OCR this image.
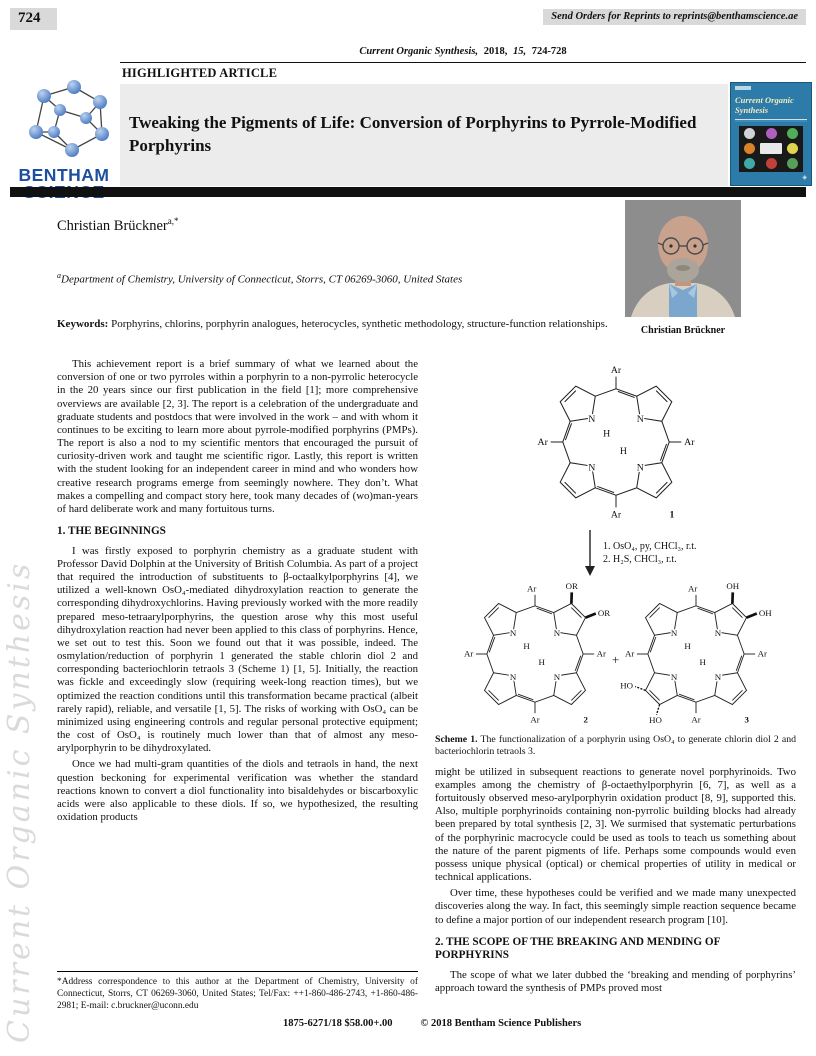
724	Send Orders for Reprints to reprints@benthamscience.ae
Current Organic Synthesis, 2018, 15, 724-728
HIGHLIGHTED ARTICLE
BENTHAM
Tweaking the Pigments of Life: Conversion of Porphyrins to Pyrrole-Modified Porphyrins
Current Organic Synthesis
◈
Christian Brückner$^{a,*}$
$^a$Department of Chemistry, University of Connecticut, Storrs, CT 06269-3060, United States
Keywords: Porphyrins, chlorins, porphyrin analogues, heterocycles, synthetic methodology, structure-function relationships.
Christian Brückner

This achievement report is a brief summary of what we learned about the conversion of one or two pyrroles within a porphyrin to a non-pyrrolic heterocycle in the 20 years since our first publication in the field [1]; more comprehensive overviews are available [2, 3]. The report is a celebration of the undergraduate and graduate students and postdocs that were involved in the work – and with whom it continues to be exciting to learn more about pyrrole-modified porphyrins (PMPs). The report is also a nod to my scientific mentors that encouraged the pursuit of curiosity-driven work and taught me scientific rigor. Lastly, this report is written with the student looking for an independent career in mind and who wonders how creative research programs emerge from seemingly nowhere. They don’t. What makes a compelling and compact story here, took many decades of (wo)man-years of hard deliberate work and many fortuitous turns.

1. THE BEGINNINGS

I was firstly exposed to porphyrin chemistry as a graduate student with Professor David Dolphin at the University of British Columbia. As part of a project that required the introduction of substituents to β-octaalkylporphyrins [4], we utilized a well-known OsO₄-mediated dihydroxylation reaction to generate the corresponding dihydroxychlorins. Having previously worked with the more readily prepared meso-tetraarylporphyrins, the question arose why this most useful dihydroxylation reaction had never been applied to this class of porphyrins. Hence, we set out to test this. Soon we found out that it was possible, indeed. The osmylation/reduction of porphyrin 1 generated the stable chlorin diol 2 and corresponding bacteriochlorin tetraols 3 (Scheme 1) [1, 5]. Initially, the reaction was fickle and exceedingly slow (requiring week-long reaction times), but we optimized the reaction conditions until this transformation became practical (albeit rarely rapid), reliable, and versatile [1, 5]. The risks of working with OsO₄ can be minimized using engineering controls and regular personal protective equipment; the cost of OsO₄ is routinely much lower than that of almost any meso-arylporphyrin to be dihydroxylated.

Once we had multi-gram quantities of the diols and tetraols in hand, the next question beckoning for experimental verification was whether the standard reactions known to convert a diol functionality into bisaldehydes or biscarboxylic acids were also applicable to these diols. If so, we hypothesized, the resulting oxidation products

*Address correspondence to this author at the Department of Chemistry, University of Connecticut, Storrs, CT 06269-3060, United States; Tel/Fax: ++1-860-486-2743, +1-860-486-2981; E-mail: c.bruckner@uconn.edu
N	N
N
N
H
H
Ar
Ar	Ar
Ar	1
1. OsO₄, py, CHCl₃, r.t.
2. H₂S, CHCl₃, r.t.
N	N
N
N
H
H
Ar	OR
OR
Ar	Ar
Ar	2
+
N	N
N
N
H
H
Ar	OH
OH
HO
HO
Ar	Ar
Ar	3
Scheme 1. The functionalization of a porphyrin using OsO₄ to generate chlorin diol 2 and bacteriochlorin tetraols 3.

might be utilized in subsequent reactions to generate novel porphyrinoids. Two examples among the chemistry of β-octaethylporphyrin [6, 7], as well as a fortuitously observed meso-arylporphyrin oxidation product [8, 9], supported this. Also, multiple porphyrinoids containing non-pyrrolic building blocks had already been prepared by total synthesis [2, 3]. We surmised that systematic perturbations of the porphyrinic macrocycle could be used as tools to teach us something about the nature of the parent pigments of life. Perhaps some compounds would even possess unique physical (optical) or chemical properties of utility in medical or technical applications.

Over time, these hypotheses could be verified and we made many unexpected discoveries along the way. In fact, this seemingly simple reaction sequence became to define a major portion of our independent research program [10].

2. THE SCOPE OF THE BREAKING AND MENDING OF PORPHYRINS

The scope of what we later dubbed the ‘breaking and mending of porphyrins’ approach toward the synthesis of PMPs proved most

1875-6271/18 $58.00+.00	© 2018 Bentham Science Publishers
Current Organic Synthesis
